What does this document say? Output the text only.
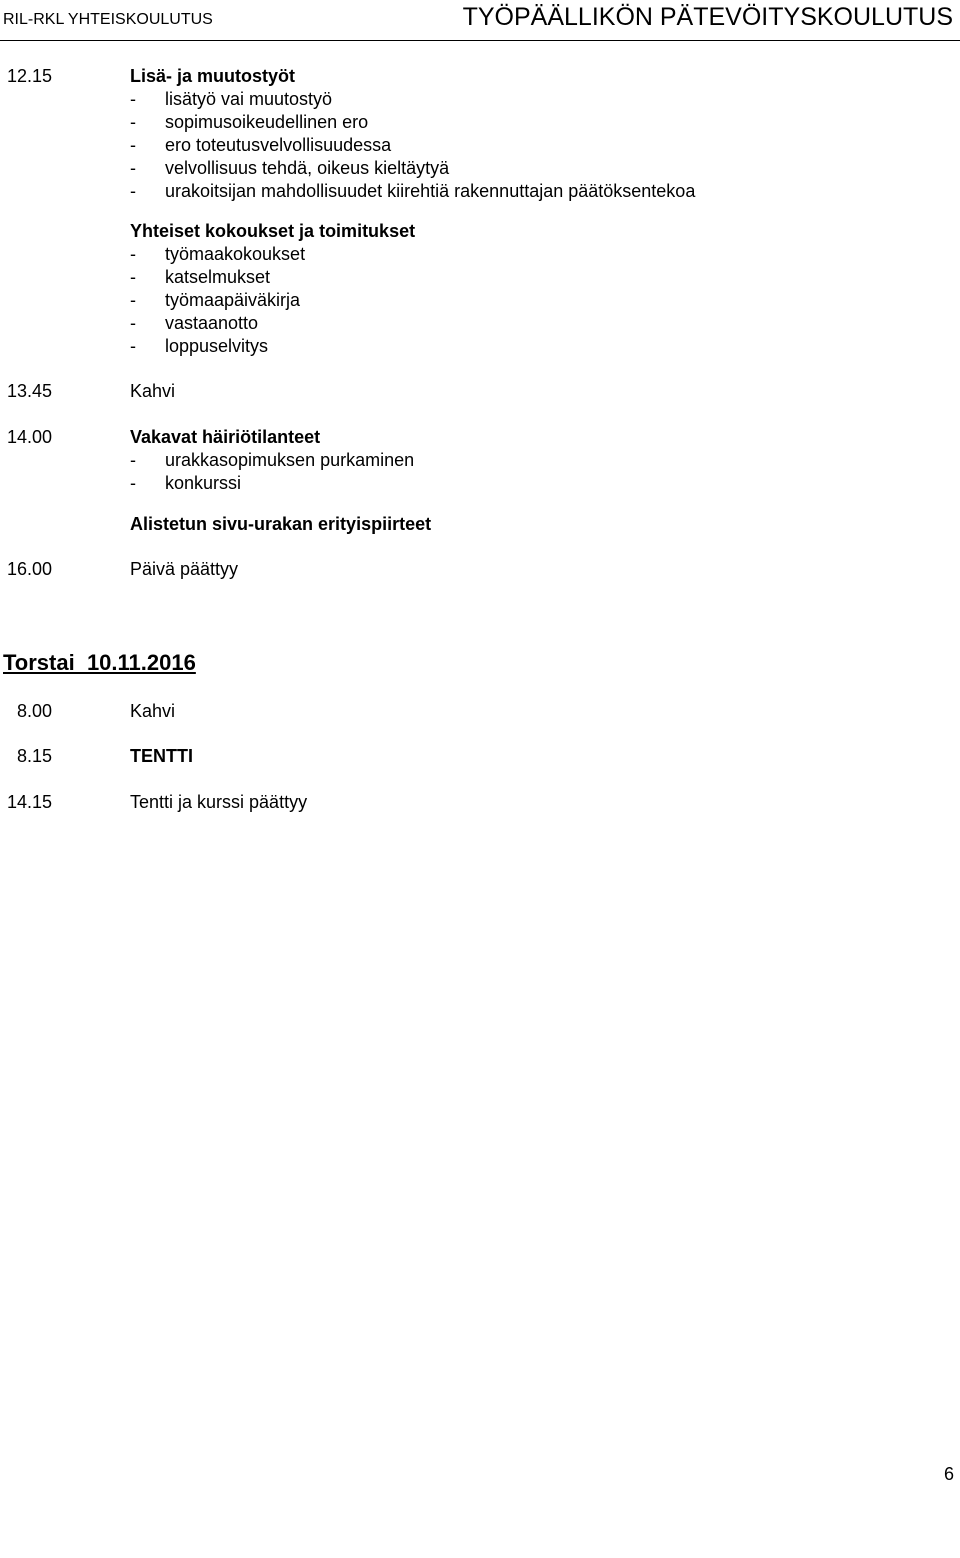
RIL-RKL YHTEISKOULUTUS	TYÖPÄÄLLIKÖN PÄTEVÖITYSKOULUTUS
12.15	Lisä- ja muutostyöt
- lisätyö vai muutostyö
- sopimusoikeudellinen ero
- ero toteutusvelvollisuudessa
- velvollisuus tehdä, oikeus kieltäytyä
- urakoitsijan mahdollisuudet kiirehtiä rakennuttajan päätöksentekoa
Yhteiset kokoukset ja toimitukset
- työmaakokoukset
- katselmukset
- työmaapäiväkirja
- vastaanotto
- loppuselvitys
13.45	Kahvi
14.00	Vakavat häiriötilanteet
- urakkasopimuksen purkaminen
- konkurssi
Alistetun sivu-urakan erityispiirteet
16.00	Päivä päättyy
Torstai  10.11.2016
8.00	Kahvi
8.15	TENTTI
14.15	Tentti ja kurssi päättyy
6
